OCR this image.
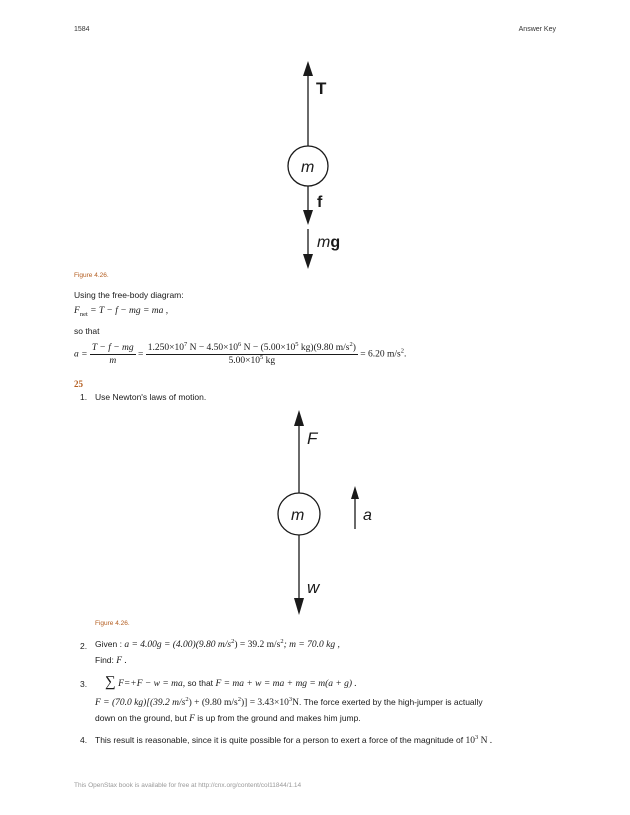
1584	Answer Key
T
m
f
mg
Figure 4.26.
Using the free-body diagram:
$F_{net} = T - f$ − mg = ma ,
so that
$a = \frac{T - f - mg}{m} = \frac{1.250\times 10^7 N - 4.50\times 10^6 N - (5.00\times 10^5 kg)(9.80 m/s^2)}{5.00\times 10^5 kg} = 6.20$ $m/s^2$.
25
1. Use Newton's laws of motion.
F
m
w
a
Figure 4.26.
2. Given : a = 4.00g = (4.00)(9.80 $m/s^2) = 39.2$ $m/s^2$; m = 70.0 kg ,
Find: F .
3. ∑ F=+F − w = ma, so that F = ma + w = ma + mg = m(a + g) .
F = (70.0 kg)[(39.2 $m/s^2) + (9.80$ $m/s^2)] = 3.43\times 10^3N$. The force exerted by the high-jumper is actually
down on the ground, but F is up from the ground and makes him jump.
4. This result is reasonable, since it is quite possible for a person to exert a force of the magnitude of $10^3$ N .
This OpenStax book is available for free at http://cnx.org/content/col11844/1.14
